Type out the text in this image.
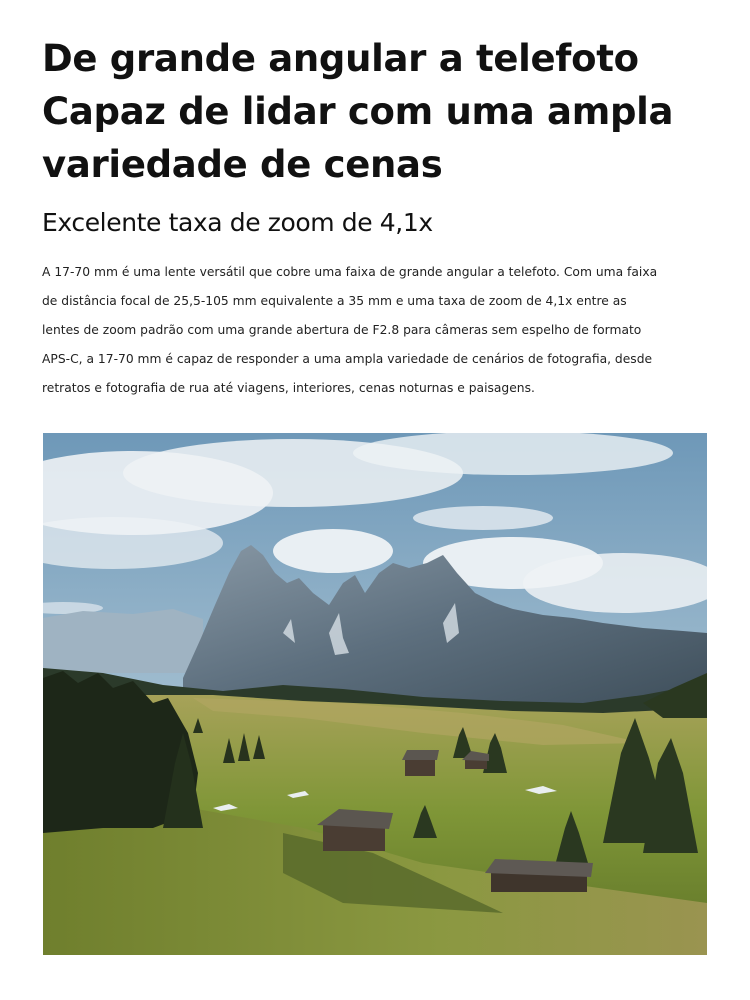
De grande angular a telefoto
Capaz de lidar com uma ampla
variedade de cenas
Excelente taxa de zoom de 4,1x

A 17-70 mm é uma lente versátil que cobre uma faixa de grande angular a telefoto. Com uma faixa
de distância focal de 25,5-105 mm equivalente a 35 mm e uma taxa de zoom de 4,1x entre as
lentes de zoom padrão com uma grande abertura de F2.8 para câmeras sem espelho de formato
APS-C, a 17-70 mm é capaz de responder a uma ampla variedade de cenários de fotografia, desde
retratos e fotografia de rua até viagens, interiores, cenas noturnas e paisagens.
